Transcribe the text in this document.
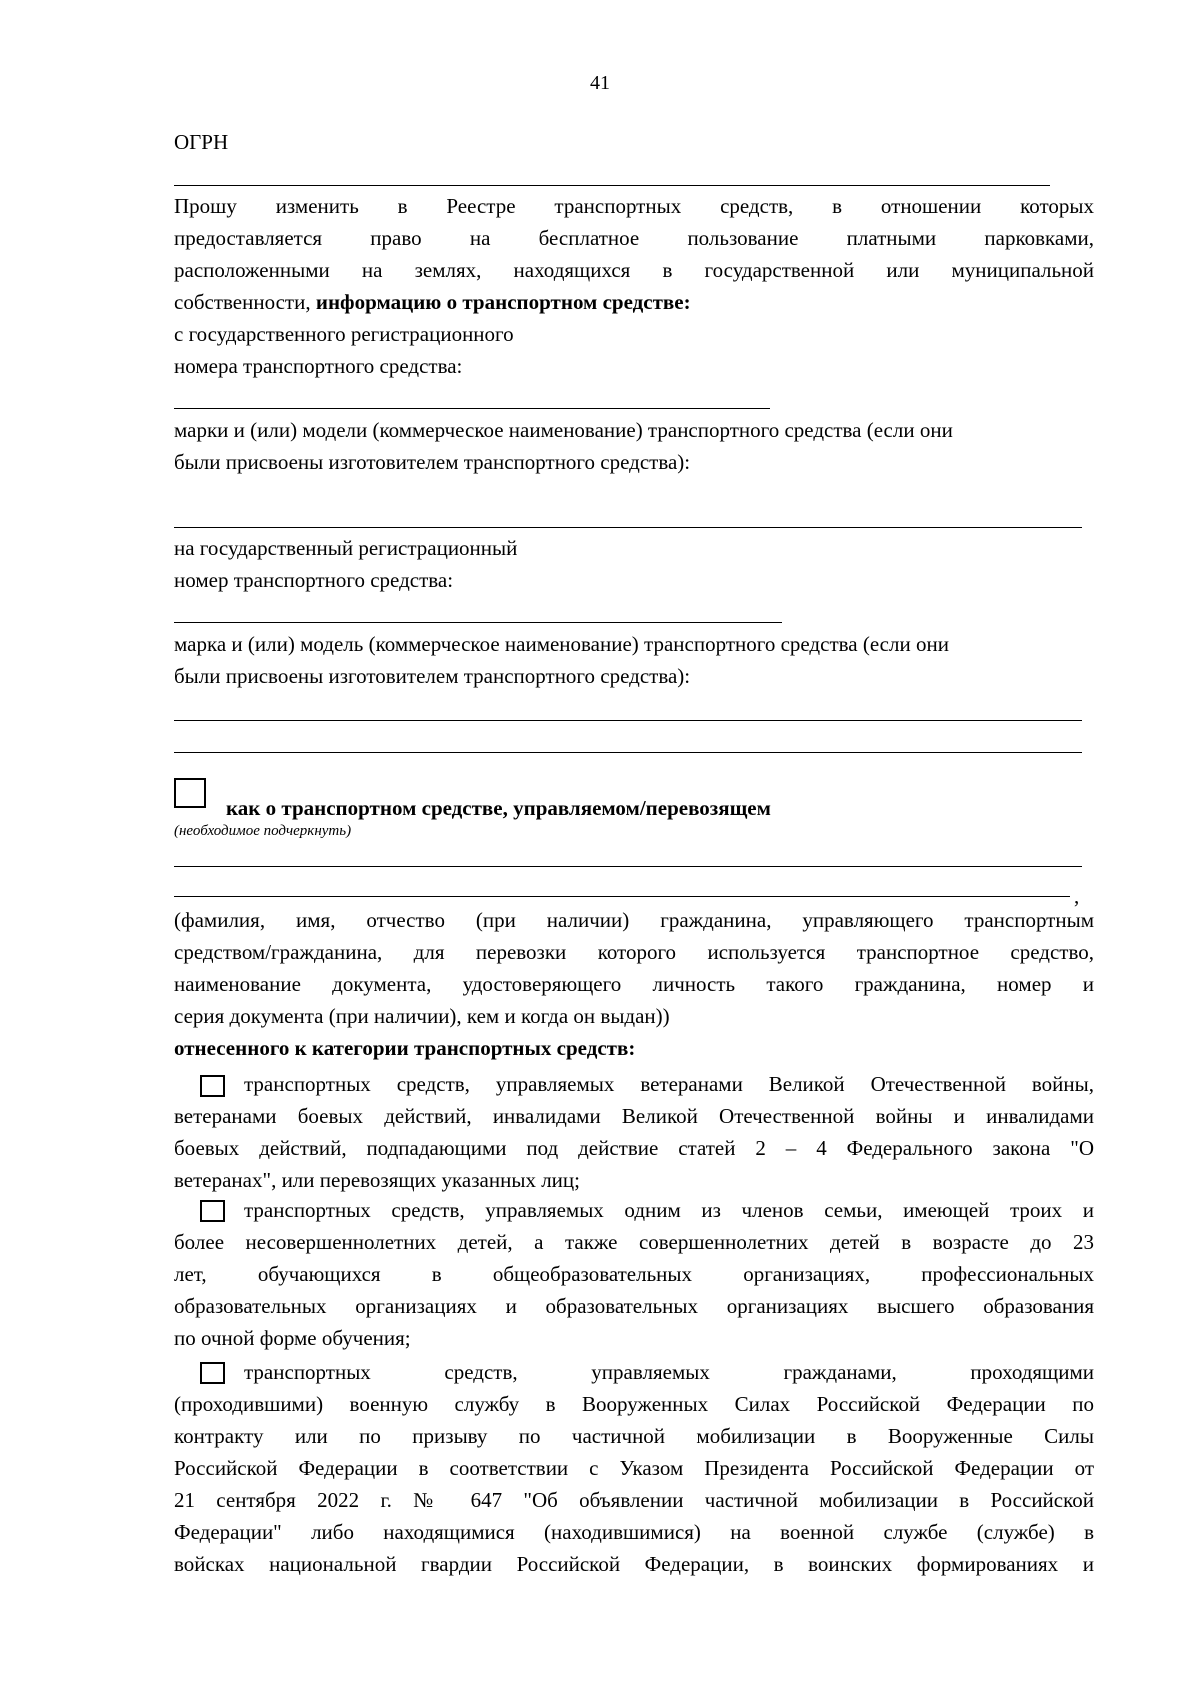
41
ОГРН
Прошу изменить в Реестре транспортных средств, в отношении которых
предоставляется право на бесплатное пользование платными парковками,
расположенными на землях, находящихся в государственной или муниципальной
собственности, информацию о транспортном средстве:
с государственного регистрационного
номера транспортного средства:
марки и (или) модели (коммерческое наименование) транспортного средства (если они
были присвоены изготовителем транспортного средства):
на государственный регистрационный
номер транспортного средства:
марка и (или) модель (коммерческое наименование) транспортного средства (если они
были присвоены изготовителем транспортного средства):
как о транспортном средстве, управляемом/перевозящем
(необходимое подчеркнуть)
,
(фамилия, имя, отчество (при наличии) гражданина, управляющего транспортным
средством/гражданина, для перевозки которого используется транспортное средство,
наименование документа, удостоверяющего личность такого гражданина, номер и
серия документа (при наличии), кем и когда он выдан))
отнесенного к категории транспортных средств:
транспортных средств, управляемых ветеранами Великой Отечественной войны,
ветеранами боевых действий, инвалидами Великой Отечественной войны и инвалидами
боевых действий, подпадающими под действие статей 2 – 4 Федерального закона "О
ветеранах", или перевозящих указанных лиц;
транспортных средств, управляемых одним из членов семьи, имеющей троих и
более несовершеннолетних детей, а также совершеннолетних детей в возрасте до 23
лет, обучающихся в общеобразовательных организациях, профессиональных
образовательных организациях и образовательных организациях высшего образования
по очной форме обучения;
транспортных средств, управляемых гражданами, проходящими
(проходившими) военную службу в Вооруженных Силах Российской Федерации по
контракту или по призыву по частичной мобилизации в Вооруженные Силы
Российской Федерации в соответствии с Указом Президента Российской Федерации от
21 сентября 2022 г. № 647 "Об объявлении частичной мобилизации в Российской
Федерации" либо находящимися (находившимися) на военной службе (службе) в
войсках национальной гвардии Российской Федерации, в воинских формированиях и
